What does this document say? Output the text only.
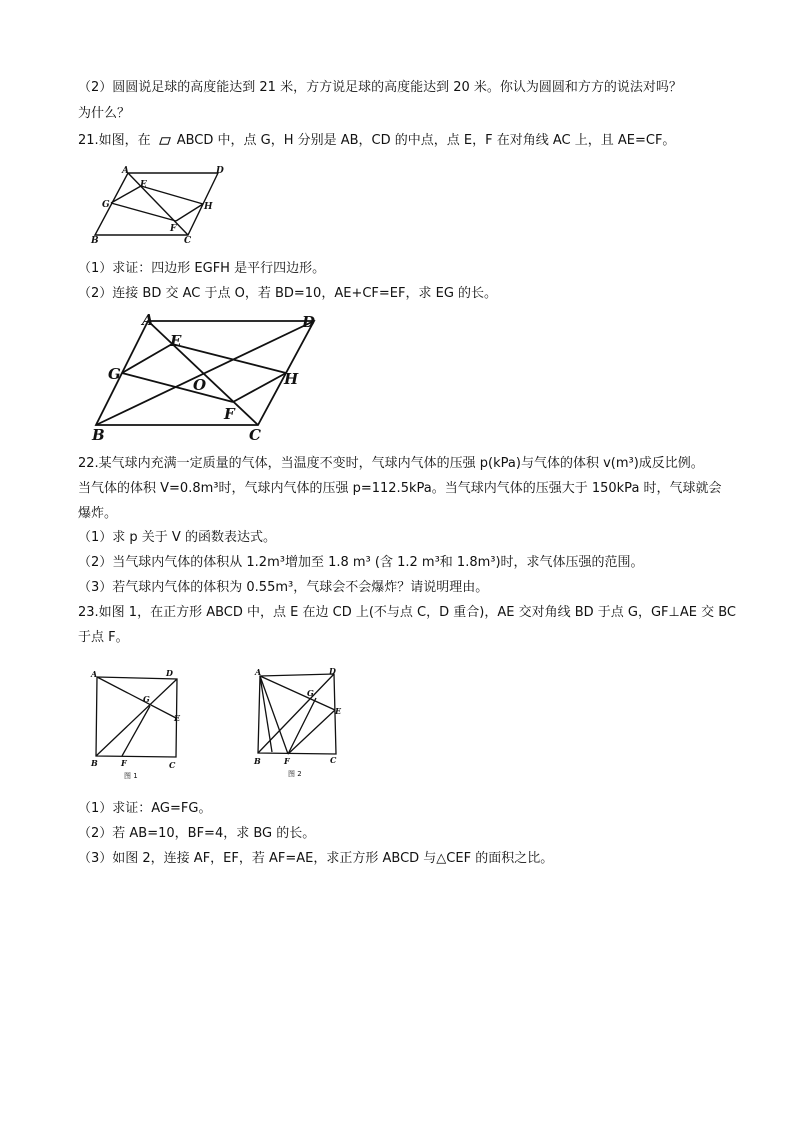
（2）圆圆说足球的高度能达到 21 米，方方说足球的高度能达到 20 米。你认为圆圆和方方的说法对吗？
为什么？
21.如图，在 ABCD 中，点 G，H 分别是 AB，CD 的中点，点 E，F 在对角线 AC 上，且 AE=CF。
A	D
E
G	H
F
B	C
（1）求证：四边形 EGFH 是平行四边形。
（2）连接 BD 交 AC 于点 O，若 BD=10，AE+CF=EF，求 EG 的长。
A	D
E
G	H
O
F
B	C
22.某气球内充满一定质量的气体，当温度不变时，气球内气体的压强 p(kPa)与气体的体积 v(m³)成反比例。
当气体的体积 V=0.8m³时，气球内气体的压强 p=112.5kPa。当气球内气体的压强大于 150kPa 时，气球就会
爆炸。
（1）求 p 关于 V 的函数表达式。
（2）当气球内气体的体积从 1.2m³增加至 1.8 m³ (含 1.2 m³和 1.8m³)时，求气体压强的范围。
（3）若气球内气体的体积为 0.55m³，气球会不会爆炸？请说明理由。
23.如图 1，在正方形 ABCD 中，点 E 在边 CD 上(不与点 C，D 重合)，AE 交对角线 BD 于点 G，GF⊥AE 交 BC
于点 F。
A	D
G
E
B	F	C
图 1
A	D
G
E
B	F	C
图 2
（1）求证：AG=FG。
（2）若 AB=10，BF=4，求 BG 的长。
（3）如图 2，连接 AF，EF，若 AF=AE，求正方形 ABCD 与△CEF 的面积之比。
